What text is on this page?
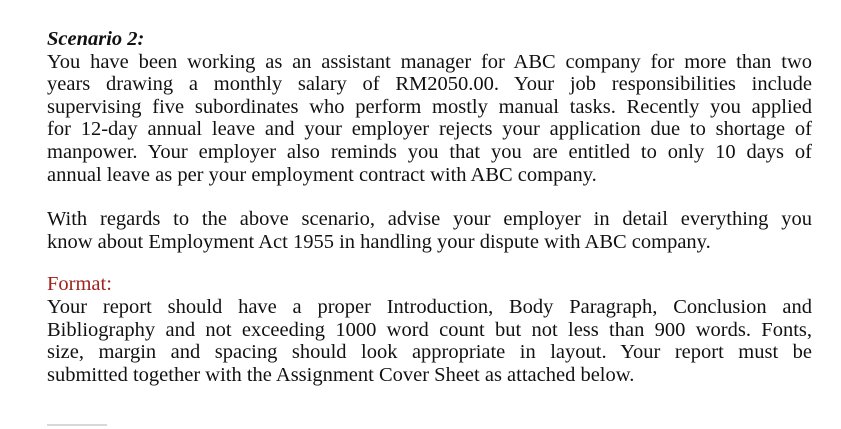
Scenario 2:

You have been working as an assistant manager for ABC company for more than two
years drawing a monthly salary of RM2050.00. Your job responsibilities include
supervising five subordinates who perform mostly manual tasks. Recently you applied
for 12-day annual leave and your employer rejects your application due to shortage of
manpower. Your employer also reminds you that you are entitled to only 10 days of
annual leave as per your employment contract with ABC company.
With regards to the above scenario, advise your employer in detail everything you
know about Employment Act 1955 in handling your dispute with ABC company.

Format:

Your report should have a proper Introduction, Body Paragraph, Conclusion and
Bibliography and not exceeding 1000 word count but not less than 900 words. Fonts,
size, margin and spacing should look appropriate in layout. Your report must be
submitted together with the Assignment Cover Sheet as attached below.
